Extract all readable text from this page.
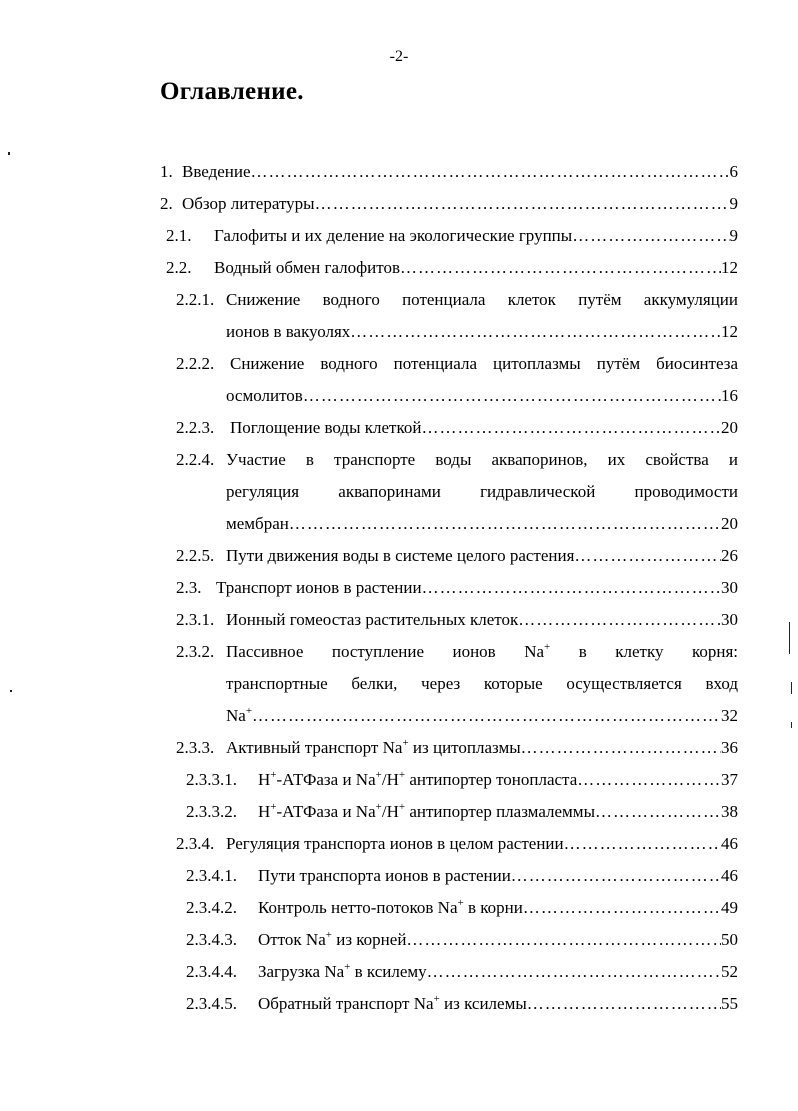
-2-
Оглавление.
1. Введение ………………………………………………………………………………………………………………………………………………………	6
2. Обзор литературы ………………………………………………………………………………………………………………………………………………………	9
2.1. Галофиты и их деление на экологические группы ………………………………………………………………………………………………………………………………………………………	9
2.2. Водный обмен галофитов ………………………………………………………………………………………………………………………………………………………	12
2.2.1. Снижение водного потенциала клеток путём аккумуляции
ионов в вакуолях ………………………………………………………………………………………………………………………………………………………	12
2.2.2. Снижение водного потенциала цитоплазмы путём биосинтеза
осмолитов ………………………………………………………………………………………………………………………………………………………	16
2.2.3. Поглощение воды клеткой ………………………………………………………………………………………………………………………………………………………	20
2.2.4. Участие в транспорте воды аквапоринов, их свойства и
регуляция аквапоринами гидравлической проводимости
мембран ………………………………………………………………………………………………………………………………………………………	20
2.2.5. Пути движения воды в системе целого растения ………………………………………………………………………………………………………………………………………………………	26
2.3. Транспорт ионов в растении ………………………………………………………………………………………………………………………………………………………	30
2.3.1. Ионный гомеостаз растительных клеток ………………………………………………………………………………………………………………………………………………………	30
2.3.2. Пассивное поступление ионов Na+ в клетку корня:
транспортные белки, через которые осуществляется вход
Na+ ………………………………………………………………………………………………………………………………………………………	32
2.3.3. Активный транспорт Na+ из цитоплазмы ………………………………………………………………………………………………………………………………………………………	36
2.3.3.1. H+-АТФаза и Na+/H+ антипортер тонопласта ………………………………………………………………………………………………………………………………………………………	37
2.3.3.2. H+-АТФаза и Na+/H+ антипортер плазмалеммы ………………………………………………………………………………………………………………………………………………………	38
2.3.4. Регуляция транспорта ионов в целом растении ………………………………………………………………………………………………………………………………………………………	46
2.3.4.1. Пути транспорта ионов в растении ………………………………………………………………………………………………………………………………………………………	46
2.3.4.2. Контроль нетто-потоков Na+ в корни ………………………………………………………………………………………………………………………………………………………	49
2.3.4.3. Отток Na+ из корней ………………………………………………………………………………………………………………………………………………………	50
2.3.4.4. Загрузка Na+ в ксилему ………………………………………………………………………………………………………………………………………………………	52
2.3.4.5. Обратный транспорт Na+ из ксилемы ………………………………………………………………………………………………………………………………………………………	55
